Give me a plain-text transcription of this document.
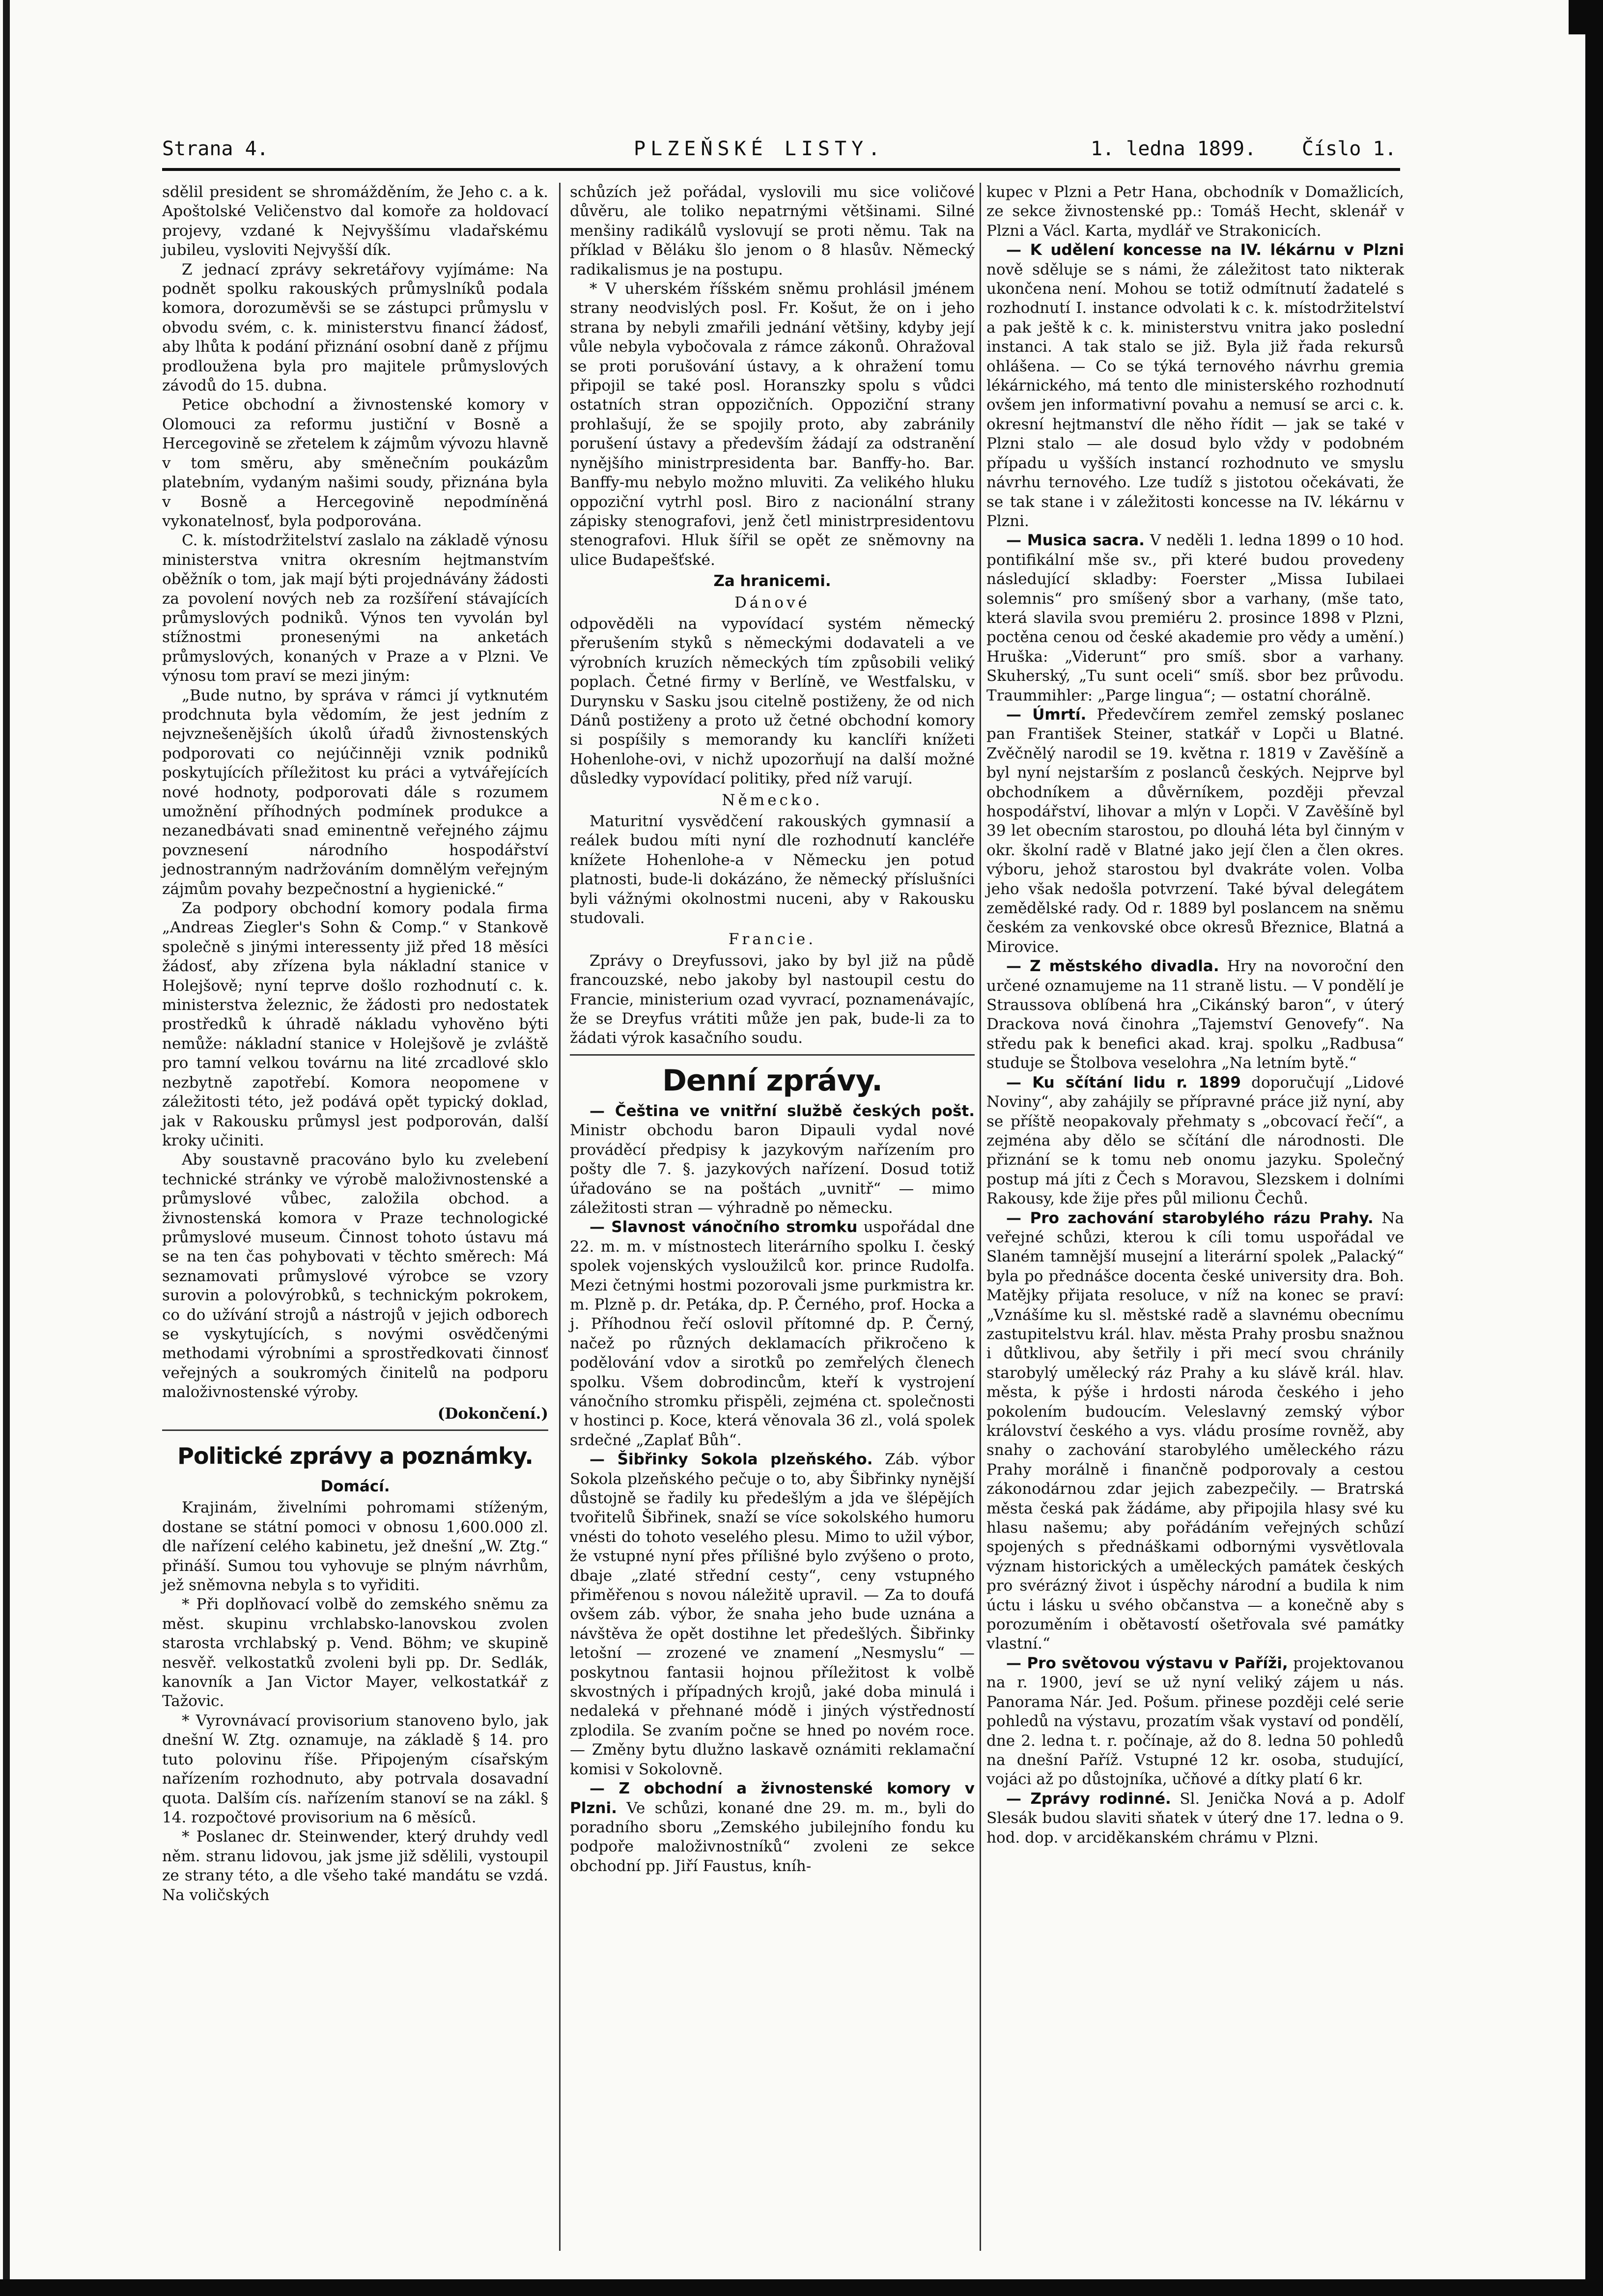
Strana 4.	PLZEŇSKÉ LISTY.	1. ledna 1899. Číslo 1.

sdělil president se shromážděním, že Jeho c. a k. Apoštolské Veličenstvo dal komoře za holdovací projevy, vzdané k Nejvyššímu vladařskému jubileu, vysloviti Nejvyšší dík.

Z jednací zprávy sekretářovy vyjímáme: Na podnět spolku rakouských průmyslníků podala komora, dorozuměvši se se zástupci průmyslu v obvodu svém, c. k. ministerstvu financí žádosť, aby lhůta k podání přiznání osobní daně z příjmu prodloužena byla pro majitele průmyslových závodů do 15. dubna.

Petice obchodní a živnostenské komory v Olomouci za reformu justiční v Bosně a Hercegovině se zřetelem k zájmům vývozu hlavně v tom směru, aby směnečním poukázům platebním, vydaným našimi soudy, přiznána byla v Bosně a Hercegovině nepodmíněná vykonatelnosť, byla podporována.

C. k. místodržitelství zaslalo na základě výnosu ministerstva vnitra okresním hejtmanstvím oběžník o tom, jak mají býti projednávány žádosti za povolení nových neb za rozšíření stávajících průmyslových podniků. Výnos ten vyvolán byl stížnostmi pronesenými na anketách průmyslových, konaných v Praze a v Plzni. Ve výnosu tom praví se mezi jiným:

„Bude nutno, by správa v rámci jí vytknutém prodchnuta byla vědomím, že jest jedním z nejvznešenějších úkolů úřadů živnostenských podporovati co nejúčinněji vznik podniků poskytujících příležitost ku práci a vytvářejících nové hodnoty, podporovati dále s rozumem umožnění příhodných podmínek produkce a nezanedbávati snad eminentně veřejného zájmu povznesení národního hospodářství jednostranným nadržováním domnělým veřejným zájmům povahy bezpečnostní a hygienické.“

Za podpory obchodní komory podala firma „Andreas Ziegler's Sohn & Comp.“ v Stankově společně s jinými interessenty již před 18 měsíci žádosť, aby zřízena byla nákladní stanice v Holejšově; nyní teprve došlo rozhodnutí c. k. ministerstva železnic, že žádosti pro nedostatek prostředků k úhradě nákladu vyhověno býti nemůže: nákladní stanice v Holejšově je zvláště pro tamní velkou továrnu na lité zrcadlové sklo nezbytně zapotřebí. Komora neopomene v záležitosti této, jež podává opět typický doklad, jak v Rakousku průmysl jest podporován, další kroky učiniti.

Aby soustavně pracováno bylo ku zvelebení technické stránky ve výrobě maloživnostenské a průmyslové vůbec, založila obchod. a živnostenská komora v Praze technologické průmyslové museum. Činnost tohoto ústavu má se na ten čas pohybovati v těchto směrech: Má seznamovati průmyslové výrobce se vzory surovin a polovýrobků, s technickým pokrokem, co do užívání strojů a nástrojů v jejich odborech se vyskytujících, s novými osvědčenými methodami výrobními a sprostředkovati činnosť veřejných a soukromých činitelů na podporu maloživnostenské výroby.

(Dokončení.)
Politické zprávy a poznámky.
Domácí.

Krajinám, živelními pohromami stíženým, dostane se státní pomoci v obnosu 1,600.000 zl. dle nařízení celého kabinetu, jež dnešní „W. Ztg.“ přináší. Sumou tou vyhovuje se plným návrhům, jež sněmovna nebyla s to vyřiditi.

* Při doplňovací volbě do zemského sněmu za měst. skupinu vrchlabsko-lanovskou zvolen starosta vrchlabský p. Vend. Böhm; ve skupině nesvěř. velkostatků zvoleni byli pp. Dr. Sedlák, kanovník a Jan Victor Mayer, velkostatkář z Tažovic.

* Vyrovnávací provisorium stanoveno bylo, jak dnešní W. Ztg. oznamuje, na základě § 14. pro tuto polovinu říše. Připojeným císařským nařízením rozhodnuto, aby potrvala dosavadní quota. Dalším cís. nařízením stanoví se na zákl. § 14. rozpočtové provisorium na 6 měsíců.

* Poslanec dr. Steinwender, který druhdy vedl něm. stranu lidovou, jak jsme již sdělili, vystoupil ze strany této, a dle všeho také mandátu se vzdá. Na voličských

schůzích jež pořádal, vyslovili mu sice voličové důvěru, ale toliko nepatrnými většinami. Silné menšiny radikálů vyslovují se proti němu. Tak na příklad v Běláku šlo jenom o 8 hlasův. Německý radikalismus je na postupu.

* V uherském říšském sněmu prohlásil jménem strany neodvislých posl. Fr. Košut, že on i jeho strana by nebyli zmařili jednání většiny, kdyby její vůle nebyla vybočovala z rámce zákonů. Ohražoval se proti porušování ústavy, a k ohražení tomu připojil se také posl. Horanszky spolu s vůdci ostatních stran oppozičních. Oppoziční strany prohlašují, že se spojily proto, aby zabránily porušení ústavy a především žádají za odstranění nynějšího ministrpresidenta bar. Banffy-ho. Bar. Banffy-mu nebylo možno mluviti. Za velikého hluku oppoziční vytrhl posl. Biro z nacionální strany zápisky stenografovi, jenž četl ministrpresidentovu stenografovi. Hluk šířil se opět ze sněmovny na ulice Budapešťské.

Za hranicemi.
Dánové

odpověděli na vypovídací systém německý přerušením styků s německými dodavateli a ve výrobních kruzích německých tím způsobili veliký poplach. Četné firmy v Berlíně, ve Westfalsku, v Durynsku v Sasku jsou citelně postiženy, že od nich Dánů postiženy a proto už četné obchodní komory si pospíšily s memorandy ku kanclíři knížeti Hohenlohe-ovi, v nichž upozorňují na další možné důsledky vypovídací politiky, před níž varují.

Německo.

Maturitní vysvědčení rakouských gymnasií a reálek budou míti nyní dle rozhodnutí kancléře knížete Hohenlohe-a v Německu jen potud platnosti, bude-li dokázáno, že německý příslušníci byli vážnými okolnostmi nuceni, aby v Rakousku studovali.

Francie.

Zprávy o Dreyfussovi, jako by byl již na půdě francouzské, nebo jakoby byl nastoupil cestu do Francie, ministerium ozad vyvrací, poznamenávajíc, že se Dreyfus vrátiti může jen pak, bude-li za to žádati výrok kasačního soudu.

Denní zprávy.

— Čeština ve vnitřní službě českých pošt. Ministr obchodu baron Dipauli vydal nové prováděcí předpisy k jazykovým nařízením pro pošty dle 7. §. jazykových nařízení. Dosud totiž úřadováno se na poštách „uvnitř“ — mimo záležitosti stran — výhradně po německu.

— Slavnost vánočního stromku uspořádal dne 22. m. m. v místnostech literárního spolku I. český spolek vojenských vysloužilců kor. prince Rudolfa. Mezi četnými hostmi pozorovali jsme purkmistra kr. m. Plzně p. dr. Petáka, dp. P. Černého, prof. Hocka a j. Příhodnou řečí oslovil přítomné dp. P. Černý, načež po různých deklamacích přikročeno k podělování vdov a sirotků po zemřelých členech spolku. Všem dobrodincům, kteří k vystrojení vánočního stromku přispěli, zejména ct. společnosti v hostinci p. Koce, která věnovala 36 zl., volá spolek srdečné „Zaplať Bůh“.

— Šibřinky Sokola plzeňského. Záb. výbor Sokola plzeňského pečuje o to, aby Šibřinky nynější důstojně se řadily ku předešlým a jda ve šlépějích tvořitelů Šibřinek, snaží se více sokolského humoru vnésti do tohoto veselého plesu. Mimo to užil výbor, že vstupné nyní přes přílišné bylo zvýšeno o proto, dbaje „zlaté střední cesty“, ceny vstupného přiměřenou s novou náležitě upravil. — Za to doufá ovšem záb. výbor, že snaha jeho bude uznána a návštěva že opět dostihne let předešlých. Šibřinky letošní — zrozené ve znamení „Nesmyslu“ — poskytnou fantasii hojnou příležitost k volbě skvostných i případných krojů, jaké doba minulá i nedaleká v přehnané módě i jiných výstředností zplodila. Se zvaním počne se hned po novém roce. — Změny bytu dlužno laskavě oznámiti reklamační komisi v Sokolovně.

— Z obchodní a živnostenské komory v Plzni. Ve schůzi, konané dne 29. m. m., byli do poradního sboru „Zemského jubilejního fondu ku podpoře maloživnostníků“ zvoleni ze sekce obchodní pp. Jiří Faustus, kníh-

kupec v Plzni a Petr Hana, obchodník v Domažlicích, ze sekce živnostenské pp.: Tomáš Hecht, sklenář v Plzni a Václ. Karta, mydlář ve Strakonicích.

— K udělení koncesse na IV. lékárnu v Plzni nově sděluje se s námi, že záležitost tato nikterak ukončena není. Mohou se totiž odmítnutí žadatelé s rozhodnutí I. instance odvolati k c. k. místodržitelství a pak ještě k c. k. ministerstvu vnitra jako poslední instanci. A tak stalo se již. Byla již řada rekursů ohlášena. — Co se týká ternového návrhu gremia lékárnického, má tento dle ministerského rozhodnutí ovšem jen informativní povahu a nemusí se arci c. k. okresní hejtmanství dle něho řídit — jak se také v Plzni stalo — ale dosud bylo vždy v podobném případu u vyšších instancí rozhodnuto ve smyslu návrhu ternového. Lze tudíž s jistotou očekávati, že se tak stane i v záležitosti koncesse na IV. lékárnu v Plzni.

— Musica sacra. V neděli 1. ledna 1899 o 10 hod. pontifikální mše sv., při které budou provedeny následující skladby: Foerster „Missa Iubilaei solemnis“ pro smíšený sbor a varhany, (mše tato, která slavila svou premiéru 2. prosince 1898 v Plzni, poctěna cenou od české akademie pro vědy a umění.) Hruška: „Viderunt“ pro smíš. sbor a varhany. Skuherský, „Tu sunt oceli“ smíš. sbor bez průvodu. Traummihler: „Parge lingua“; — ostatní chorálně.

— Úmrtí. Předevčírem zemřel zemský poslanec pan František Steiner, statkář v Lopči u Blatné. Zvěčnělý narodil se 19. května r. 1819 v Zavěšíně a byl nyní nejstarším z poslanců českých. Nejprve byl obchodníkem a důvěrníkem, později převzal hospodářství, lihovar a mlýn v Lopči. V Zavěšíně byl 39 let obecním starostou, po dlouhá léta byl činným v okr. školní radě v Blatné jako její člen a člen okres. výboru, jehož starostou byl dvakráte volen. Volba jeho však nedošla potvrzení. Také býval delegátem zemědělské rady. Od r. 1889 byl poslancem na sněmu českém za venkovské obce okresů Březnice, Blatná a Mirovice.

— Z městského divadla. Hry na novoroční den určené oznamujeme na 11 straně listu. — V pondělí je Straussova oblíbená hra „Cikánský baron“, v úterý Drackova nová činohra „Tajemství Genovefy“. Na středu pak k benefici akad. kraj. spolku „Radbusa“ studuje se Štolbova veselohra „Na letním bytě.“

— Ku sčítání lidu r. 1899 doporučují „Lidové Noviny“, aby zahájily se přípravné práce již nyní, aby se příště neopakovaly přehmaty s „obcovací řečí“, a zejména aby dělo se sčítání dle národnosti. Dle přiznání se k tomu neb onomu jazyku. Společný postup má jíti z Čech s Moravou, Slezskem i dolními Rakousy, kde žije přes půl milionu Čechů.

— Pro zachování starobylého rázu Prahy. Na veřejné schůzi, kterou k cíli tomu uspořádal ve Slaném tamnější musejní a literární spolek „Palacký“ byla po přednášce docenta české university dra. Boh. Matějky přijata resoluce, v níž na konec se praví: „Vznášíme ku sl. městské radě a slavnému obecnímu zastupitelstvu král. hlav. města Prahy prosbu snažnou i důtklivou, aby šetřily i při mecí svou chránily starobylý umělecký ráz Prahy a ku slávě král. hlav. města, k pýše i hrdosti národa českého i jeho pokolením budoucím. Veleslavný zemský výbor království českého a vys. vládu prosíme rovněž, aby snahy o zachování starobylého uměleckého rázu Prahy morálně i finančně podporovaly a cestou zákonodárnou zdar jejich zabezpečily. — Bratrská města česká pak žádáme, aby připojila hlasy své ku hlasu našemu; aby pořádáním veřejných schůzí spojených s přednáškami odbornými vysvětlovala význam historických a uměleckých památek českých pro svérázný život i úspěchy národní a budila k nim úctu i lásku u svého občanstva — a konečně aby s porozuměním i obětavostí ošetřovala své památky vlastní.“

— Pro světovou výstavu v Paříži, projektovanou na r. 1900, jeví se už nyní veliký zájem u nás. Panorama Nár. Jed. Pošum. přinese později celé serie pohledů na výstavu, prozatím však vystaví od pondělí, dne 2. ledna t. r. počínaje, až do 8. ledna 50 pohledů na dnešní Paříž. Vstupné 12 kr. osoba, studující, vojáci až po důstojníka, učňové a dítky platí 6 kr.

— Zprávy rodinné. Sl. Jenička Nová a p. Adolf Slesák budou slaviti sňatek v úterý dne 17. ledna o 9. hod. dop. v arciděkanském chrámu v Plzni.
